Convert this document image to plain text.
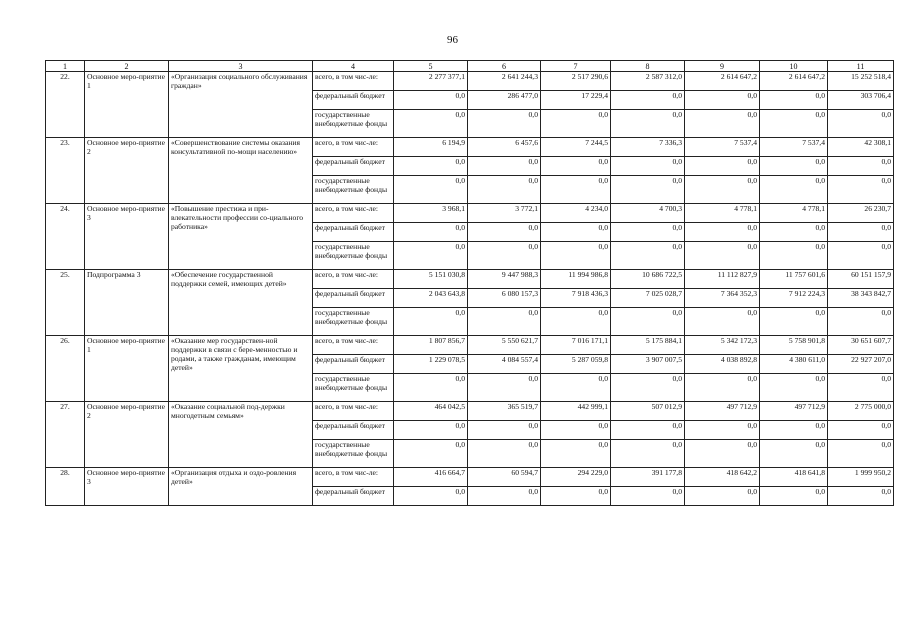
96
1	2	3	4	5	6	7	8	9	10	11
22.	Основное меро-приятие 1	«Организация социального обслуживания граждан»	всего, в том чис-ле:	2 277 377,1	2 641 244,3	2 517 290,6	2 587 312,0	2 614 647,2	2 614 647,2	15 252 518,4
			федеральный бюджет	0,0	286 477,0	17 229,4	0,0	0,0	0,0	303 706,4
			государственные внебюджетные фонды	0,0	0,0	0,0	0,0	0,0	0,0	0,0
23.	Основное меро-приятие 2	«Совершенствование системы оказания консультативной по-мощи населению»	всего, в том чис-ле:	6 194,9	6 457,6	7 244,5	7 336,3	7 537,4	7 537,4	42 308,1
			федеральный бюджет	0,0	0,0	0,0	0,0	0,0	0,0	0,0
			государственные внебюджетные фонды	0,0	0,0	0,0	0,0	0,0	0,0	0,0
24.	Основное меро-приятие 3	«Повышение престижа и при-влекательности профессии со-циального работника»	всего, в том чис-ле:	3 968,1	3 772,1	4 234,0	4 700,3	4 778,1	4 778,1	26 230,7
			федеральный бюджет	0,0	0,0	0,0	0,0	0,0	0,0	0,0
			государственные внебюджетные фонды	0,0	0,0	0,0	0,0	0,0	0,0	0,0
25.	Подпрограмма 3	«Обеспечение государственной поддержки семей, имеющих детей»	всего, в том чис-ле:	5 151 030,8	9 447 988,3	11 994 986,8	10 686 722,5	11 112 827,9	11 757 601,6	60 151 157,9
			федеральный бюджет	2 043 643,8	6 080 157,3	7 918 436,3	7 025 028,7	7 364 352,3	7 912 224,3	38 343 842,7
			государственные внебюджетные фонды	0,0	0,0	0,0	0,0	0,0	0,0	0,0
26.	Основное меро-приятие 1	«Оказание мер государствен-ной поддержки в связи с бере-менностью и родами, а также гражданам, имеющим детей»	всего, в том чис-ле:	1 807 856,7	5 550 621,7	7 016 171,1	5 175 884,1	5 342 172,3	5 758 901,8	30 651 607,7
			федеральный бюджет	1 229 078,5	4 084 557,4	5 287 059,8	3 907 007,5	4 038 892,8	4 380 611,0	22 927 207,0
			государственные внебюджетные фонды	0,0	0,0	0,0	0,0	0,0	0,0	0,0
27.	Основное меро-приятие 2	«Оказание социальной под-держки многодетным семьям»	всего, в том чис-ле:	464 042,5	365 519,7	442 999,1	507 012,9	497 712,9	497 712,9	2 775 000,0
			федеральный бюджет	0,0	0,0	0,0	0,0	0,0	0,0	0,0
			государственные внебюджетные фонды	0,0	0,0	0,0	0,0	0,0	0,0	0,0
28.	Основное меро-приятие 3	«Организация отдыха и оздо-ровления детей»	всего, в том чис-ле:	416 664,7	60 594,7	294 229,0	391 177,8	418 642,2	418 641,8	1 999 950,2
			федеральный бюджет	0,0	0,0	0,0	0,0	0,0	0,0	0,0
